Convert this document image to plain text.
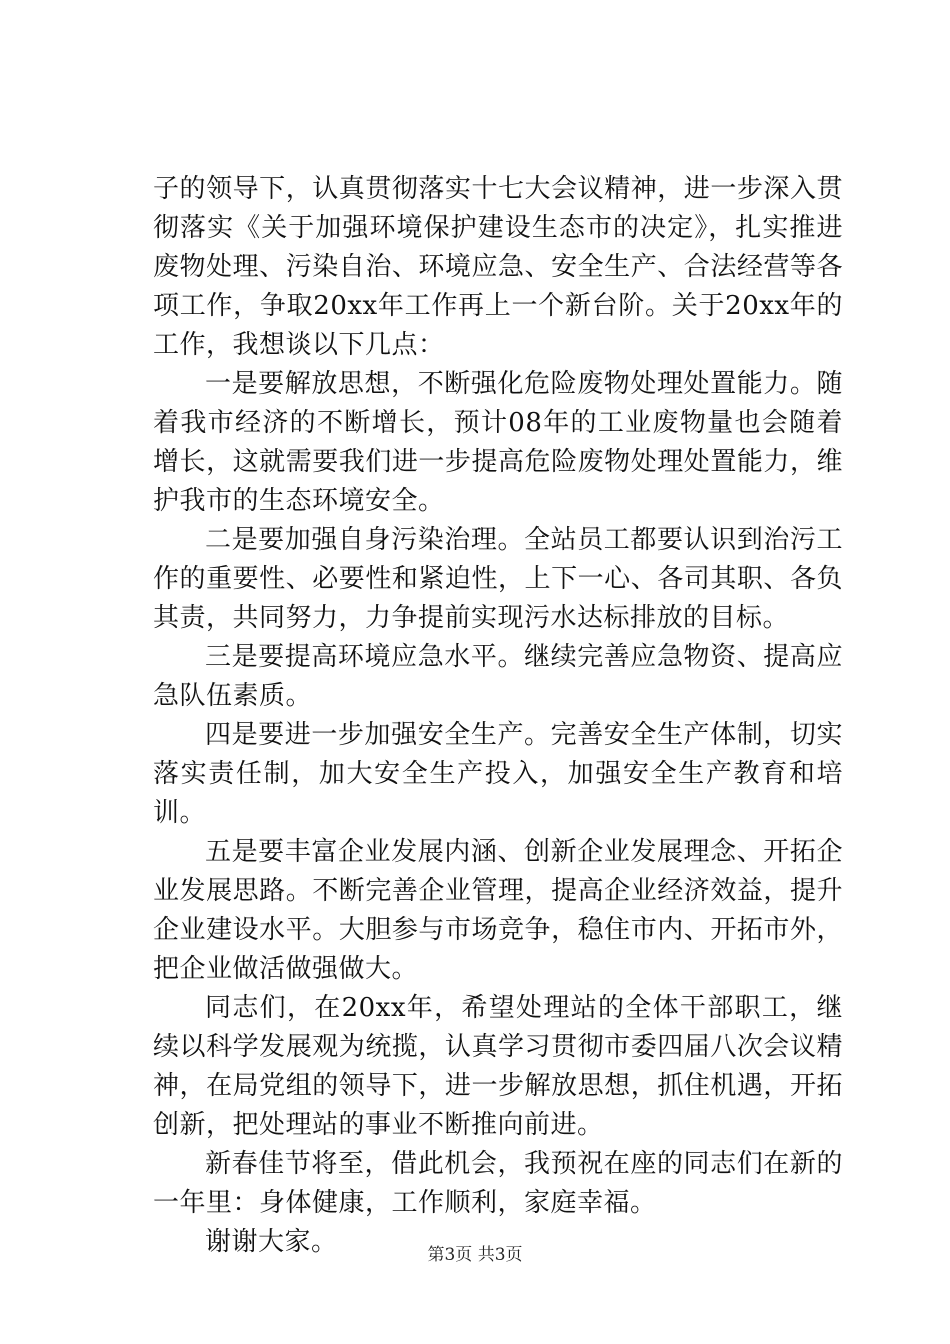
子的领导下，认真贯彻落实十七大会议精神，进一步深入贯彻落实《关于加强环境保护建设生态市的决定》，扎实推进废物处理、污染自治、环境应急、安全生产、合法经营等各项工作，争取20xx年工作再上一个新台阶。关于20xx年的工作，我想谈以下几点：

一是要解放思想，不断强化危险废物处理处置能力。随着我市经济的不断增长，预计08年的工业废物量也会随着增长，这就需要我们进一步提高危险废物处理处置能力，维护我市的生态环境安全。

二是要加强自身污染治理。全站员工都要认识到治污工作的重要性、必要性和紧迫性，上下一心、各司其职、各负其责，共同努力，力争提前实现污水达标排放的目标。

三是要提高环境应急水平。继续完善应急物资、提高应急队伍素质。

四是要进一步加强安全生产。完善安全生产体制，切实落实责任制，加大安全生产投入，加强安全生产教育和培训。

五是要丰富企业发展内涵、创新企业发展理念、开拓企业发展思路。不断完善企业管理，提高企业经济效益，提升企业建设水平。大胆参与市场竞争，稳住市内、开拓市外，把企业做活做强做大。

同志们，在20xx年，希望处理站的全体干部职工，继续以科学发展观为统揽，认真学习贯彻市委四届八次会议精神，在局党组的领导下，进一步解放思想，抓住机遇，开拓创新，把处理站的事业不断推向前进。

新春佳节将至，借此机会，我预祝在座的同志们在新的一年里：身体健康，工作顺利，家庭幸福。

谢谢大家。	第3页 共3页
